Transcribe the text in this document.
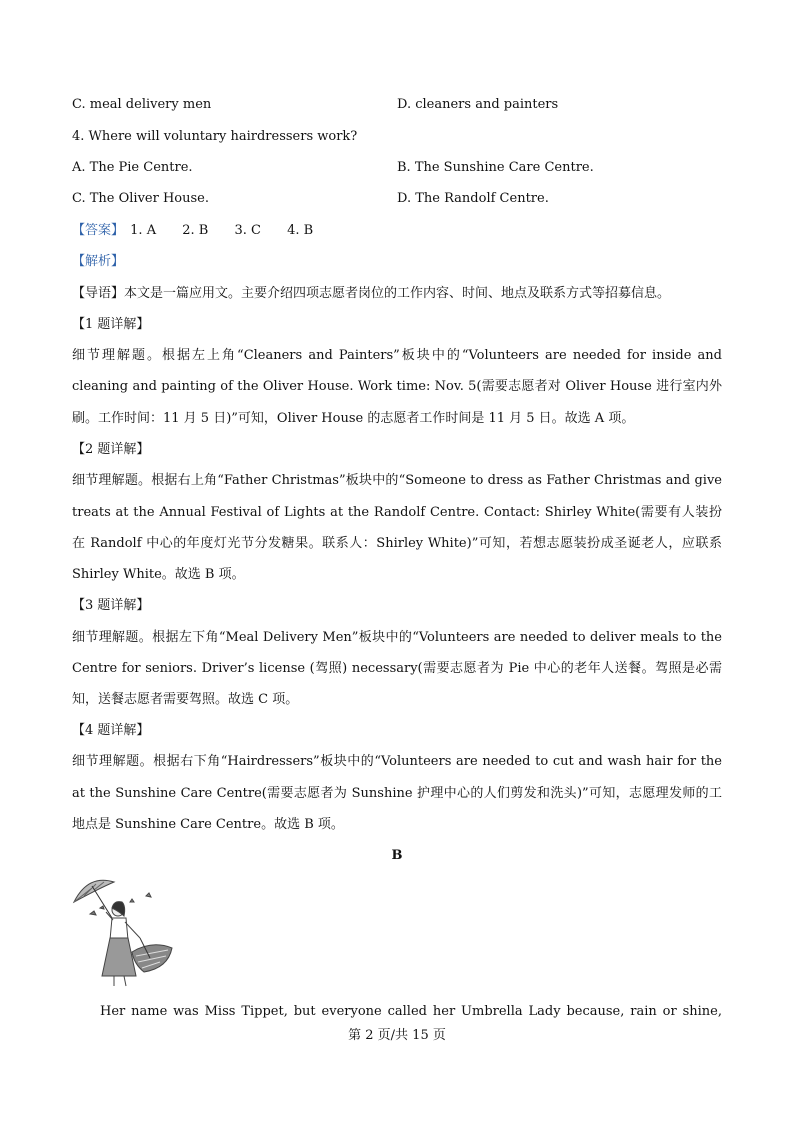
C. meal delivery men	D. cleaners and painters
4. Where will voluntary hairdressers work?
A. The Pie Centre.	B. The Sunshine Care Centre.
C. The Oliver House.	D. The Randolf Centre.
【答案】 1. A 2. B 3. C 4. B
【解析】
【导语】本文是一篇应用文。主要介绍四项志愿者岗位的工作内容、时间、地点及联系方式等招募信息。
【1 题详解】
细节理解题。根据左上角“Cleaners and Painters”板块中的“Volunteers are needed for inside and
cleaning and painting of the Oliver House. Work time: Nov. 5(需要志愿者对 Oliver House 进行室内外
刷。工作时间：11 月 5 日)”可知，Oliver House 的志愿者工作时间是 11 月 5 日。故选 A 项。
【2 题详解】
细节理解题。根据右上角“Father Christmas”板块中的“Someone to dress as Father Christmas and give
treats at the Annual Festival of Lights at the Randolf Centre. Contact: Shirley White(需要有人装扮
在 Randolf 中心的年度灯光节分发糖果。联系人：Shirley White)”可知，若想志愿装扮成圣诞老人，应联系
Shirley White。故选 B 项。
【3 题详解】
细节理解题。根据左下角“Meal Delivery Men”板块中的“Volunteers are needed to deliver meals to the
Centre for seniors. Driver’s license (驾照) necessary(需要志愿者为 Pie 中心的老年人送餐。驾照是必需
知，送餐志愿者需要驾照。故选 C 项。
【4 题详解】
细节理解题。根据右下角“Hairdressers”板块中的“Volunteers are needed to cut and wash hair for the
at the Sunshine Care Centre(需要志愿者为 Sunshine 护理中心的人们剪发和洗头)”可知，志愿理发师的工
地点是 Sunshine Care Centre。故选 B 项。
B
Her name was Miss Tippet, but everyone called her Umbrella Lady because, rain or shine,
第 2 页/共 15 页
